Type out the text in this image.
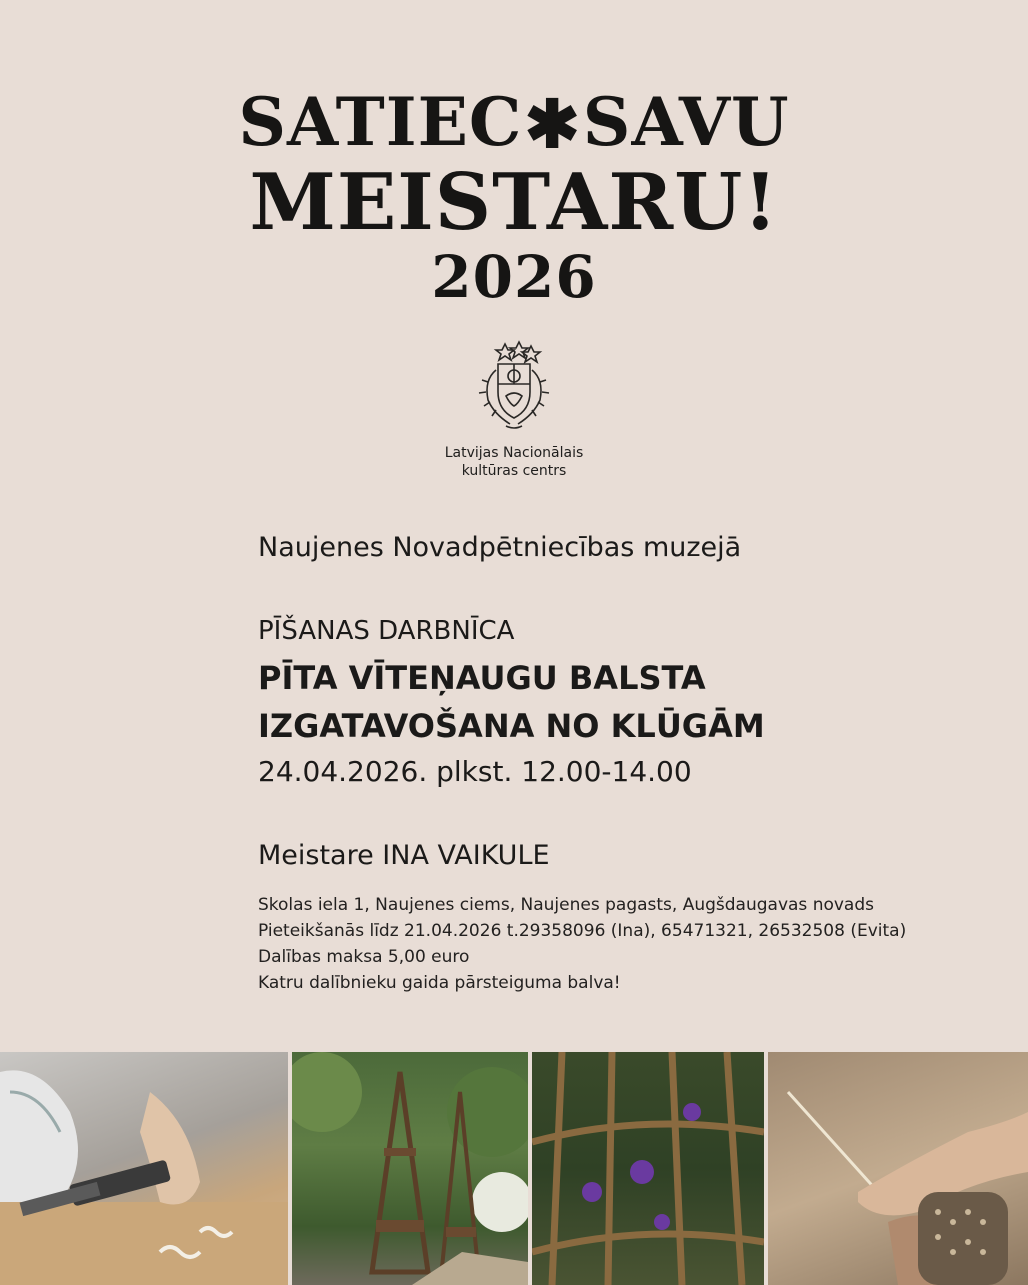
SATIEC✱SAVU
MEISTARU!
2026
Latvijas Nacionālais
kultūras centrs
Naujenes Novadpētniecības muzejā
PĪŠANAS DARBNĪCA
PĪTA VĪTEŅAUGU BALSTA
IZGATAVOŠANA NO KLŪGĀM
24.04.2026. plkst. 12.00-14.00
Meistare INA VAIKULE
Skolas iela 1, Naujenes ciems, Naujenes pagasts, Augšdaugavas novads
Pieteikšanās līdz 21.04.2026 t.29358096 (Ina), 65471321, 26532508 (Evita)
Dalības maksa 5,00 euro
Katru dalībnieku gaida pārsteiguma balva!
